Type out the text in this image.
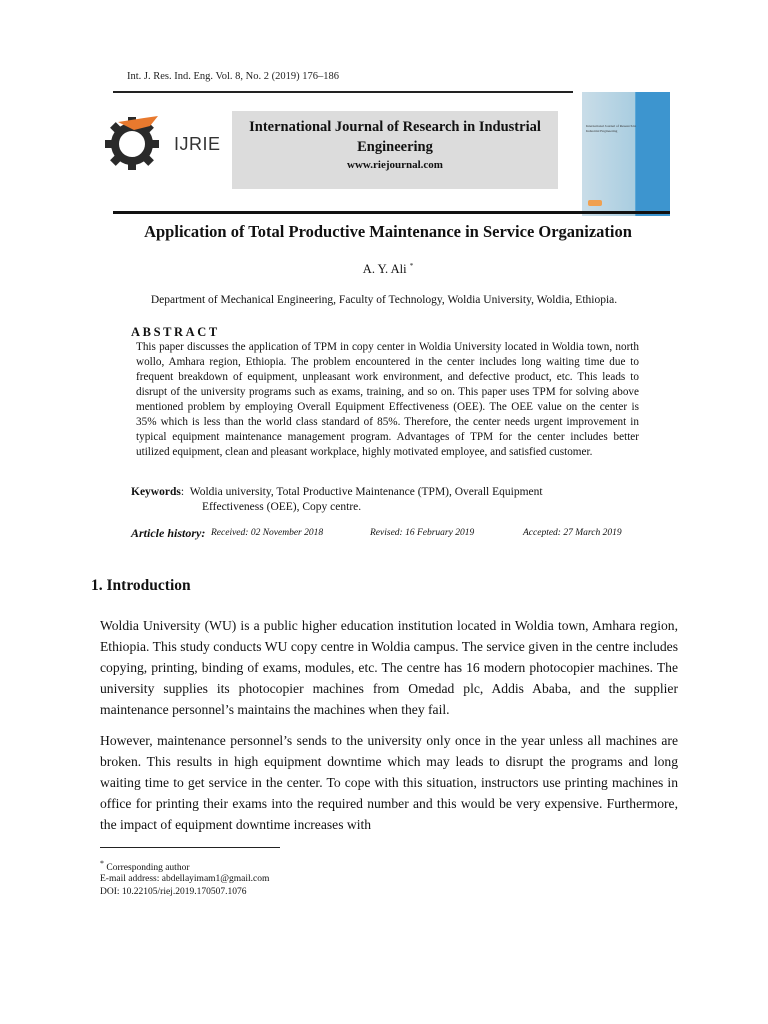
Int. J. Res. Ind. Eng. Vol. 8, No. 2 (2019) 176–186
IJRIE
International Journal of Research in Industrial Engineering
www.riejournal.com
International Journal of Research in Industrial Engineering
Application of Total Productive Maintenance in Service Organization
A. Y. Ali *
Department of Mechanical Engineering, Faculty of Technology, Woldia University, Woldia, Ethiopia.
ABSTRACT
This paper discusses the application of TPM in copy center in Woldia University located in Woldia town, north wollo, Amhara region, Ethiopia. The problem encountered in the center includes long waiting time due to frequent breakdown of equipment, unpleasant work environment, and defective product, etc. This leads to disrupt of the university programs such as exams, training, and so on. This paper uses TPM for solving above mentioned problem by employing Overall Equipment Effectiveness (OEE). The OEE value on the center is 35% which is less than the world class standard of 85%. Therefore, the center needs urgent improvement in typical equipment maintenance management program. Advantages of TPM for the center includes better utilized equipment, clean and pleasant workplace, highly motivated employee, and satisfied customer.
Keywords:  Woldia university, Total Productive Maintenance (TPM), Overall Equipment
Effectiveness (OEE), Copy centre.
Article history: Received: 02 November 2018	Revised: 16 February 2019	Accepted: 27 March 2019
1. Introduction
Woldia University (WU) is a public higher education institution located in Woldia town, Amhara region, Ethiopia. This study conducts WU copy centre in Woldia campus. The service given in the centre includes copying, printing, binding of exams, modules, etc. The centre has 16 modern photocopier machines. The university supplies its photocopier machines from Omedad plc, Addis Ababa, and the supplier maintenance personnel’s maintains the machines when they fail.
However, maintenance personnel’s sends to the university only once in the year unless all machines are broken. This results in high equipment downtime which may leads to disrupt the programs and long waiting time to get service in the center. To cope with this situation, instructors use printing machines in office for printing their exams into the required number and this would be very expensive. Furthermore, the impact of equipment downtime increases with
* Corresponding author
E-mail address: abdellayimam1@gmail.com
DOI: 10.22105/riej.2019.170507.1076
